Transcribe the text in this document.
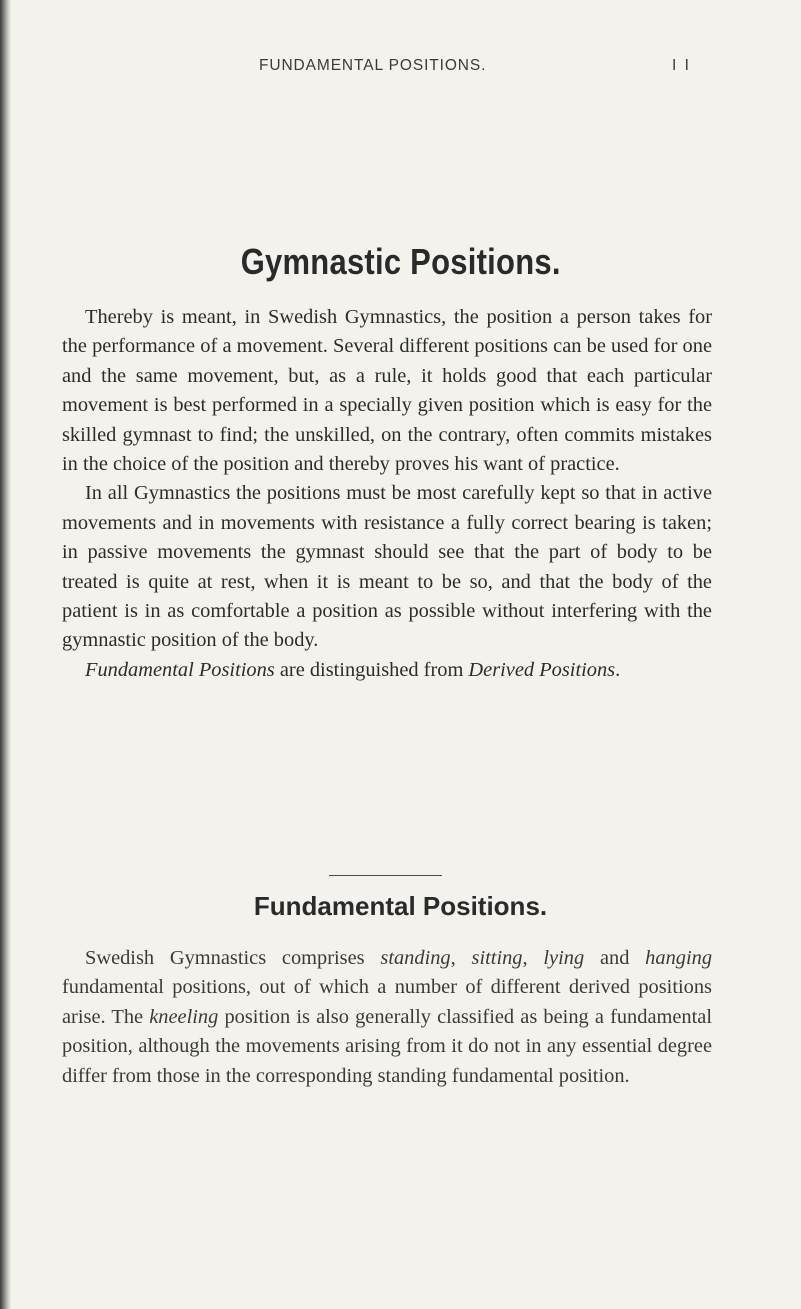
FUNDAMENTAL POSITIONS.	I I
Gymnastic Positions.

Thereby is meant, in Swedish Gymnastics, the position a person takes for the performance of a movement. Several different positions can be used for one and the same movement, but, as a rule, it holds good that each particular movement is best performed in a specially given position which is easy for the skilled gymnast to find; the unskilled, on the contrary, often commits mistakes in the choice of the position and thereby proves his want of practice.

In all Gymnastics the positions must be most carefully kept so that in active movements and in movements with resistance a fully correct bearing is taken; in passive movements the gymnast should see that the part of body to be treated is quite at rest, when it is meant to be so, and that the body of the patient is in as comfortable a position as possible without interfering with the gymnastic position of the body.

Fundamental Positions are distinguished from Derived Positions.

Fundamental Positions.

Swedish Gymnastics comprises standing, sitting, lying and hanging fundamental positions, out of which a number of different derived positions arise. The kneeling position is also generally classified as being a fundamental position, although the movements arising from it do not in any essential degree differ from those in the corresponding standing fundamental position.
